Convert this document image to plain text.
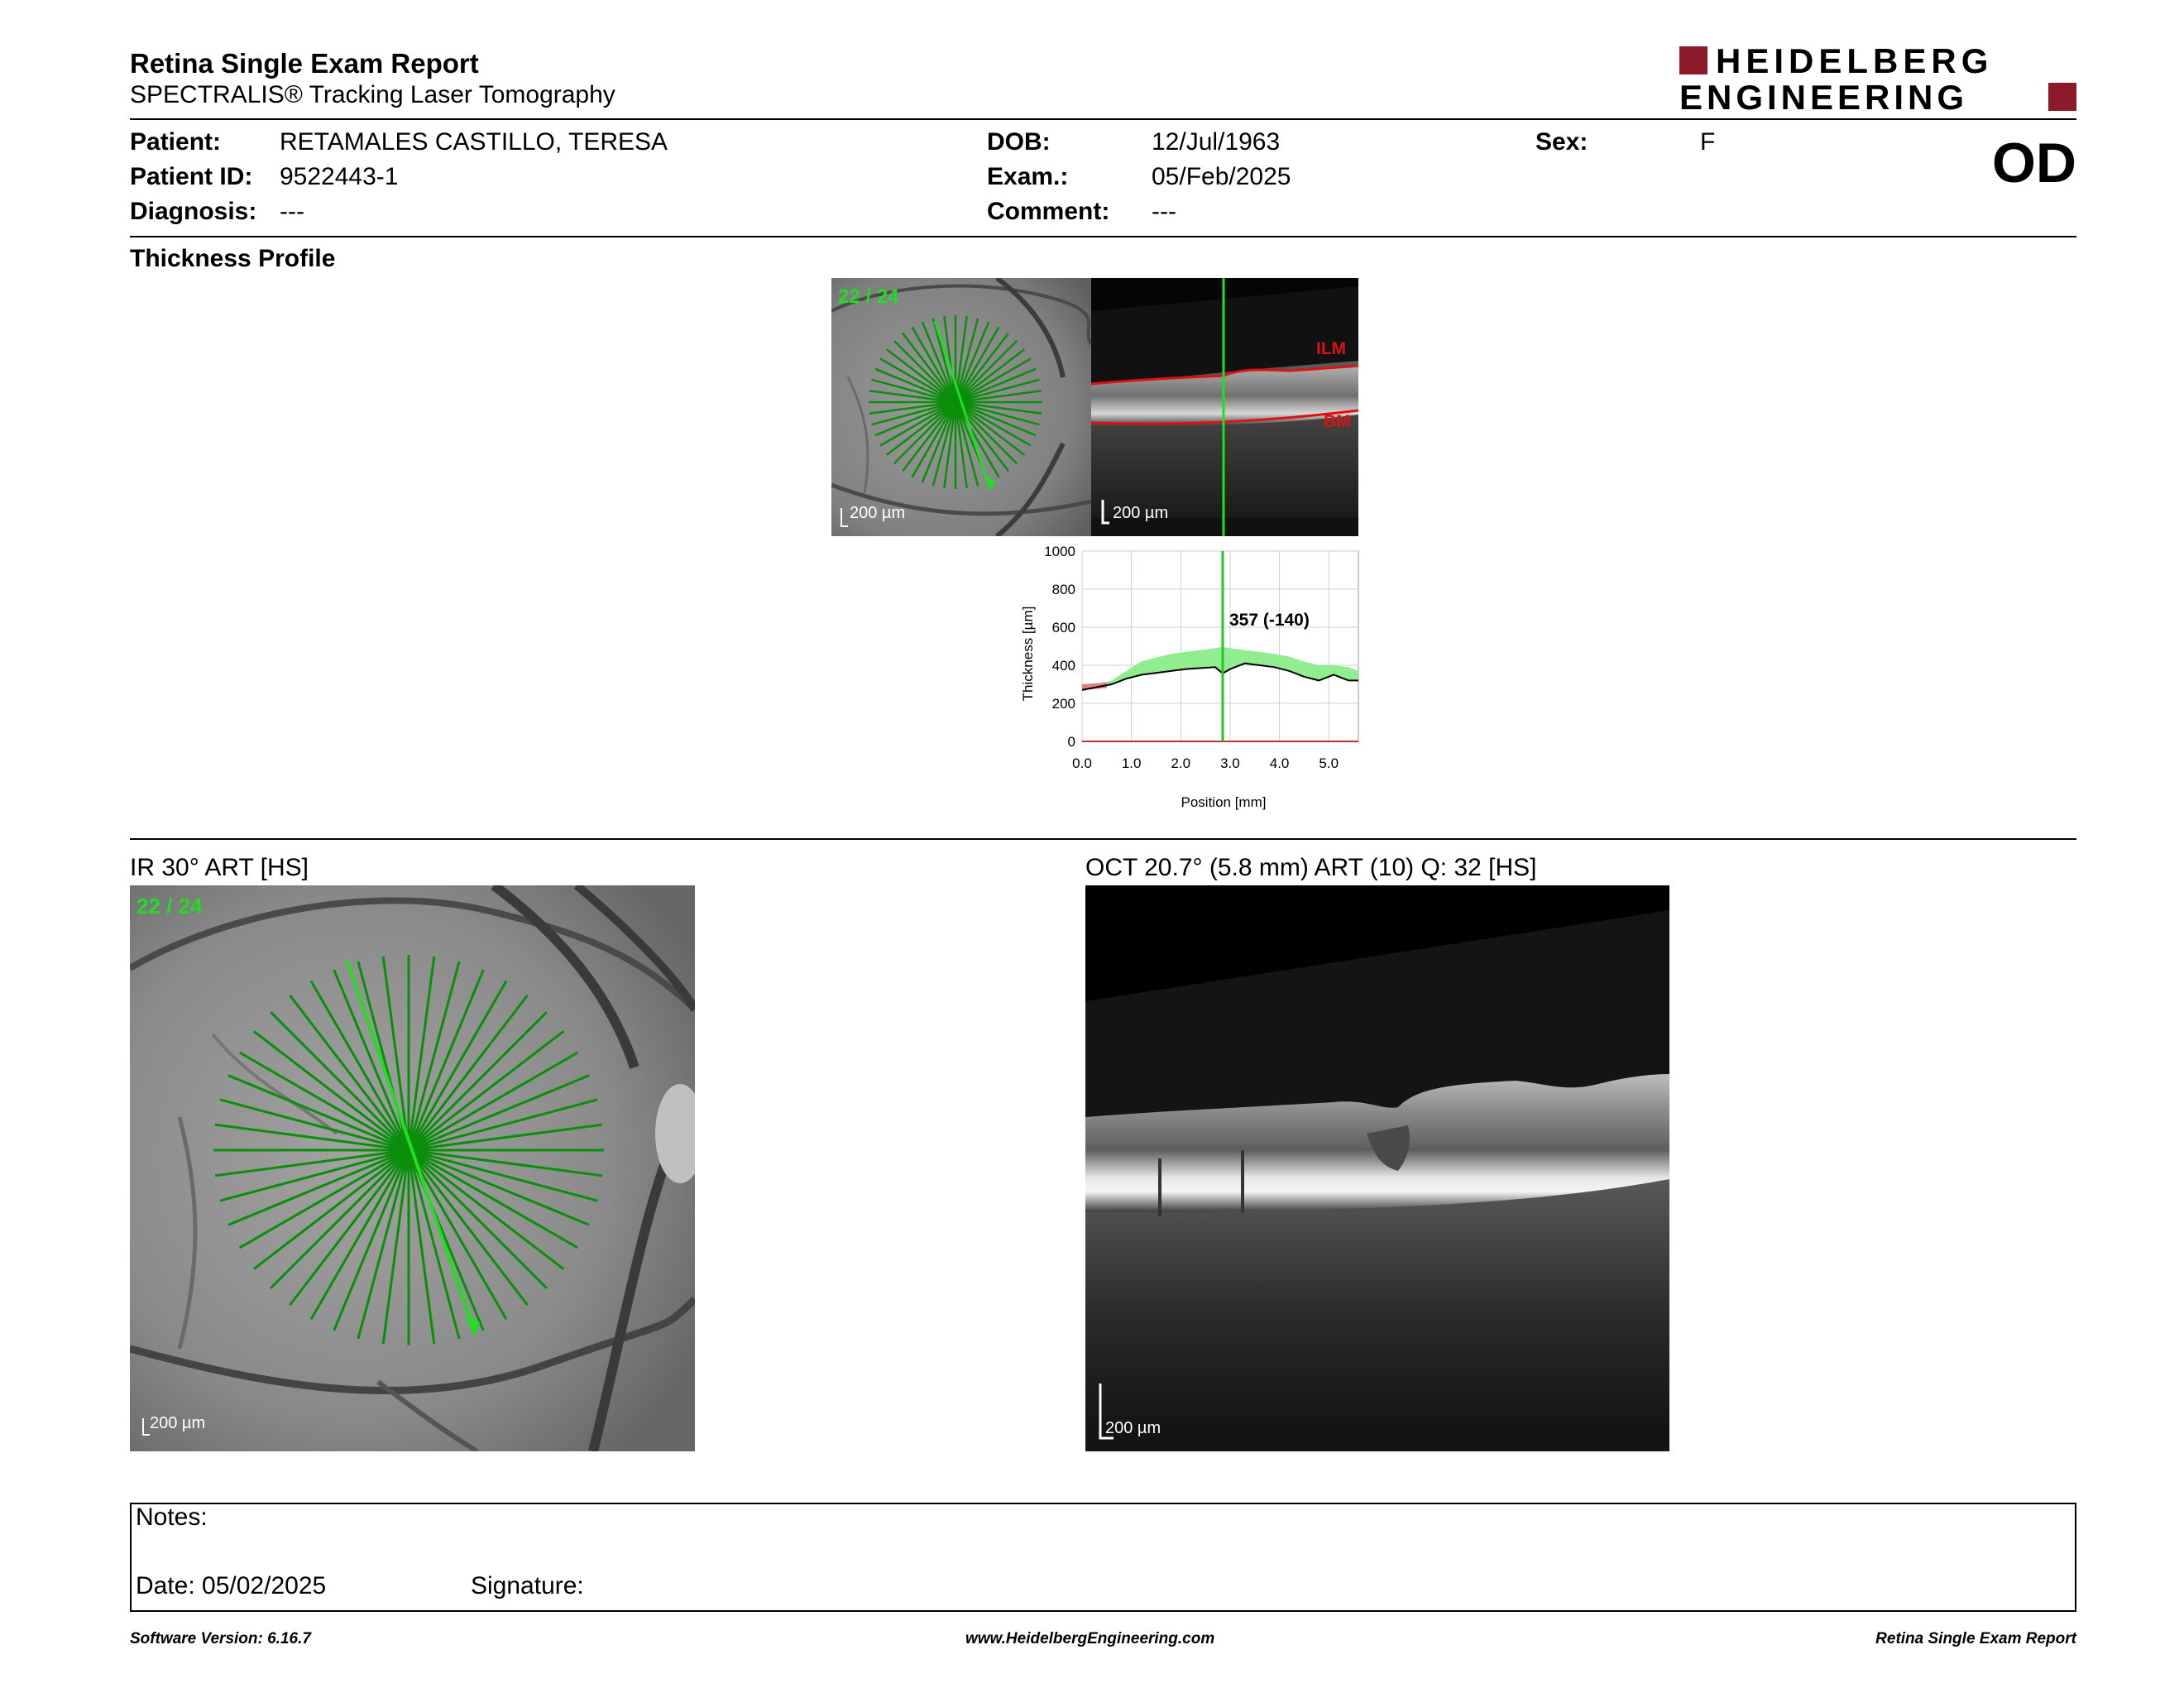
Retina Single Exam Report
SPECTRALIS® Tracking Laser Tomography
HEIDELBERG
ENGINEERING
Patient: RETAMALES CASTILLO, TERESA
Patient ID: 9522443-1
Diagnosis: ---
DOB:	12/Jul/1963
Exam.:	05/Feb/2025
Comment: ---
Sex:	F	OD
Thickness Profile
22 / 24
200 µm
ILM
BM
200 µm
0
200
400
600
800
1000
0.0 1.0 2.0 3.0 4.0 5.0
357 (-140)
Position [mm]
Thickness [µm]
IR 30° ART [HS]
22 / 24
200 µm
OCT 20.7° (5.8 mm) ART (10) Q: 32 [HS]
200 µm
Notes:
Date: 05/02/2025	Signature:
Software Version: 6.16.7	www.HeidelbergEngineering.com	Retina Single Exam Report
